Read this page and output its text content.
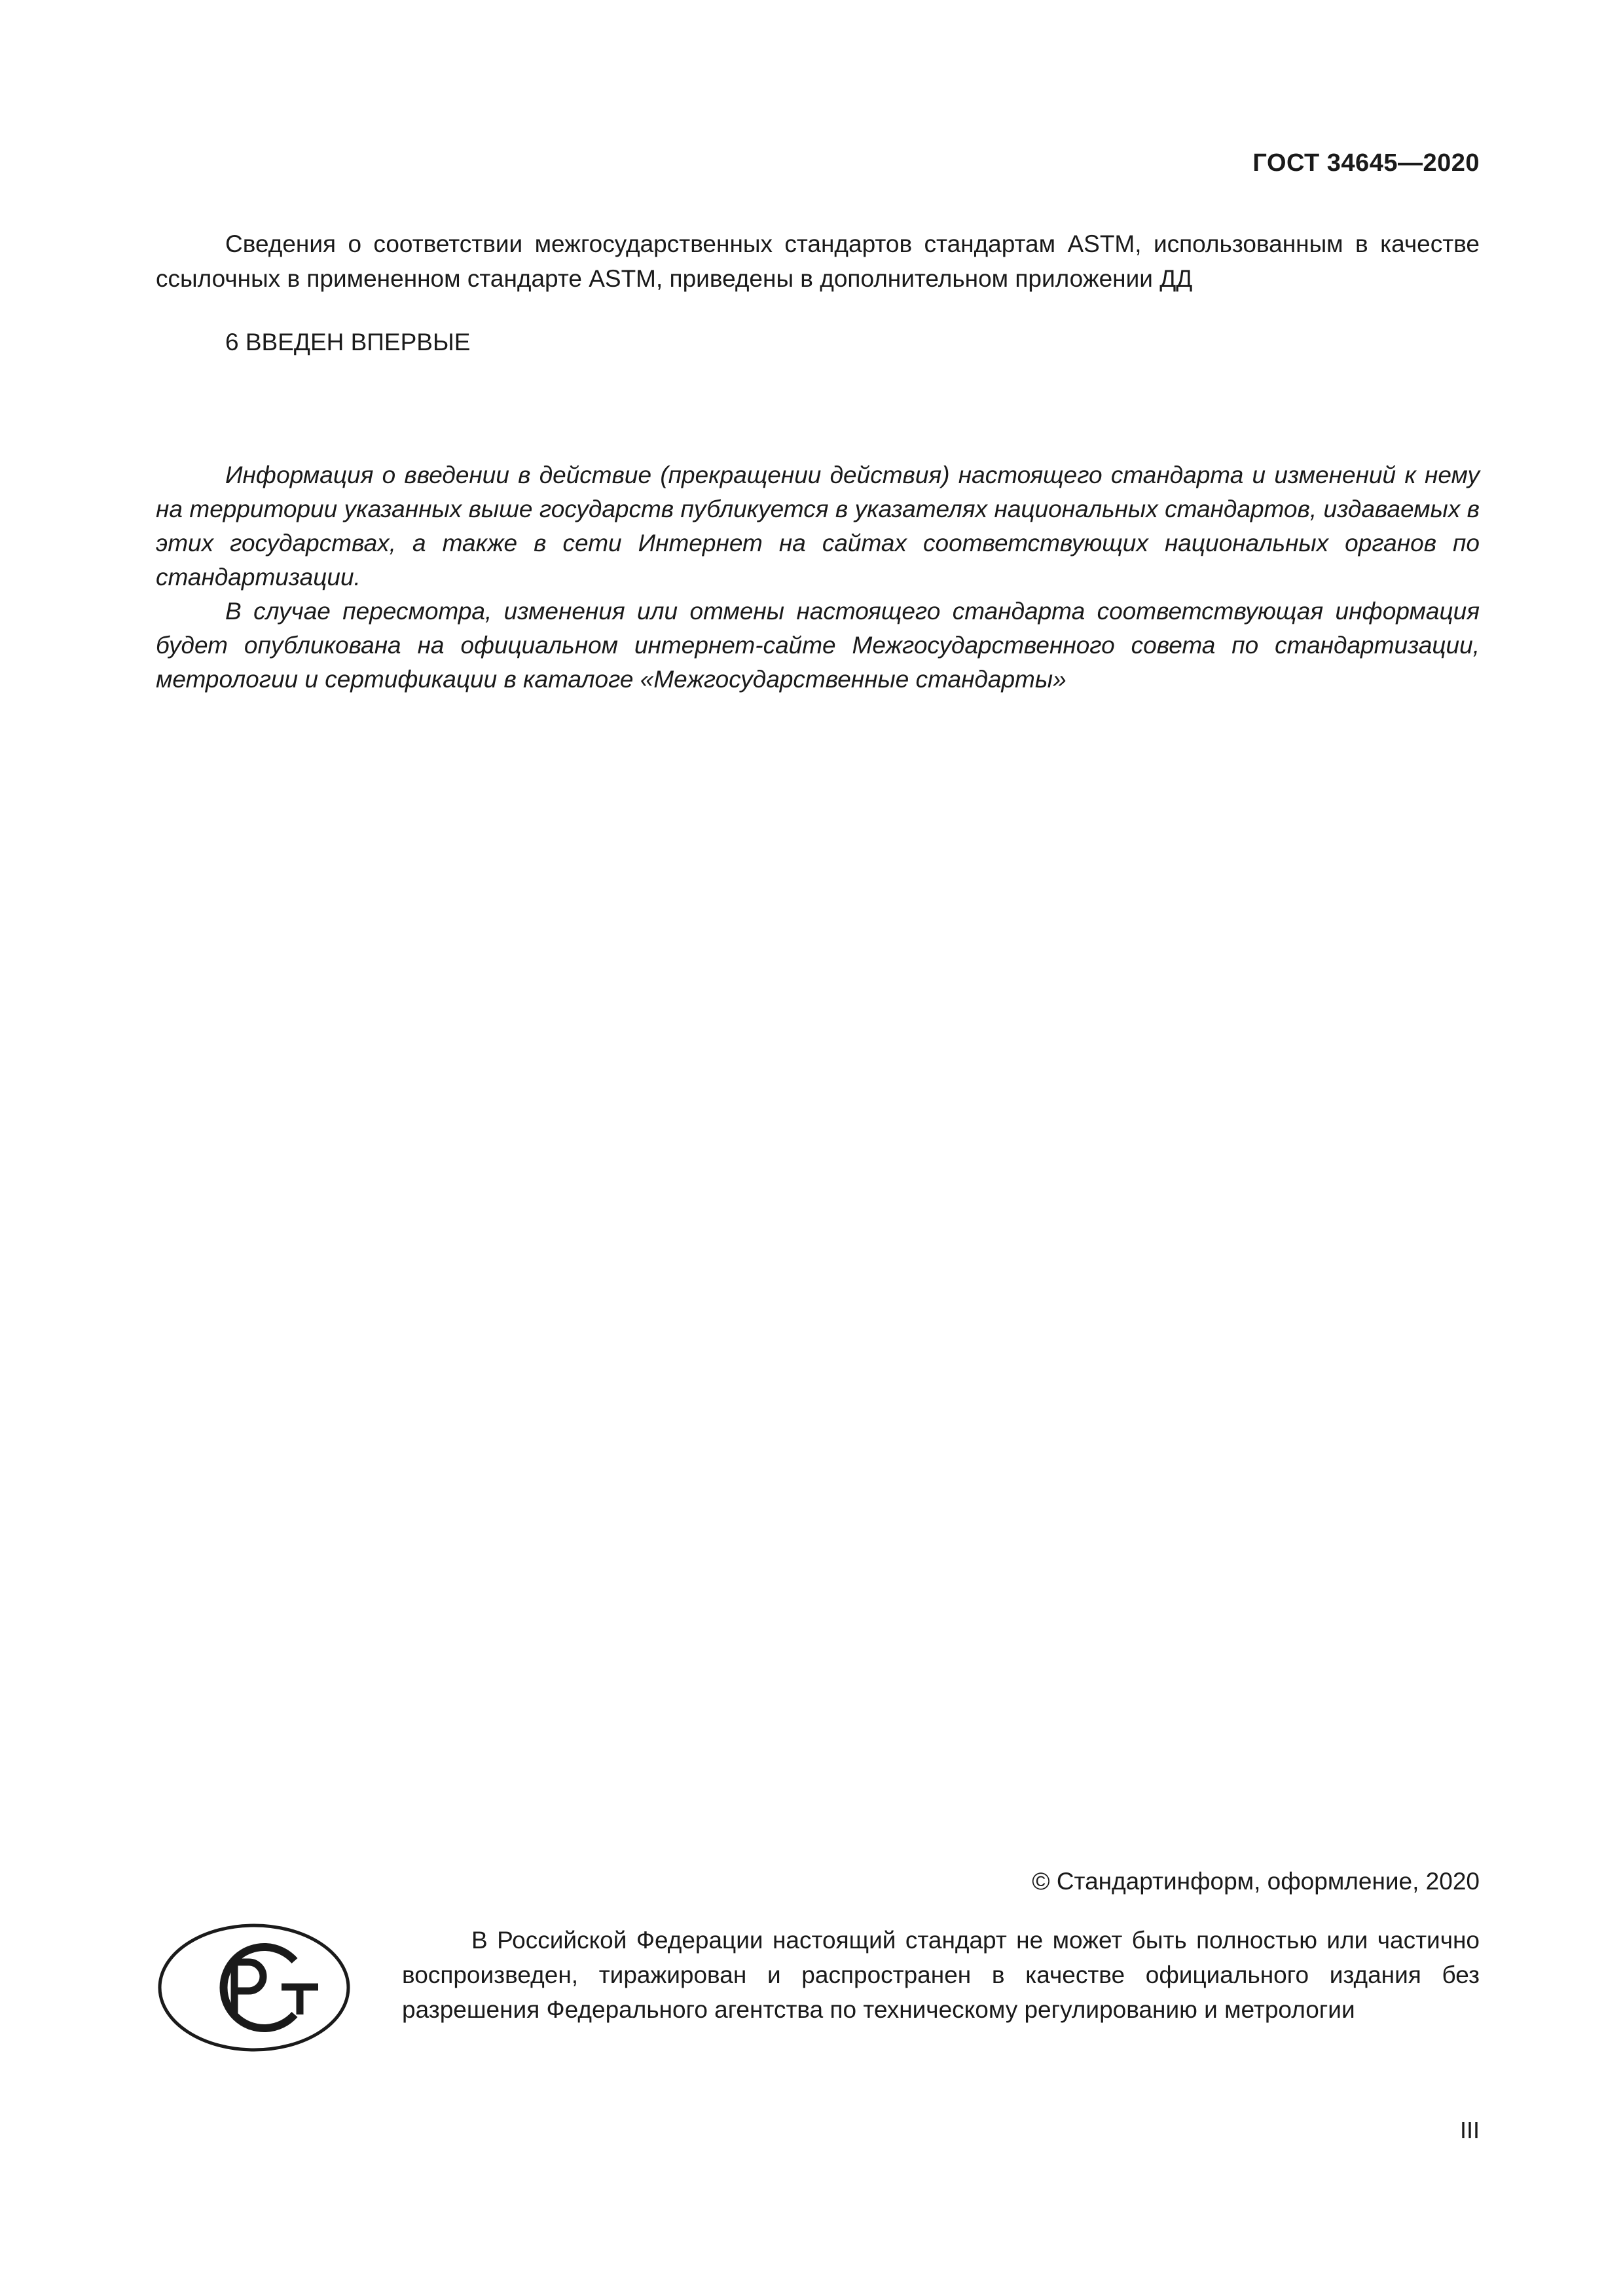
ГОСТ 34645—2020

Сведения о соответствии межгосударственных стандартов стандартам ASTM, использованным в качестве ссылочных в примененном стандарте ASTM, приведены в дополнительном приложении ДД

6 ВВЕДЕН ВПЕРВЫЕ

Информация о введении в действие (прекращении действия) настоящего стандарта и изменений к нему на территории указанных выше государств публикуется в указателях национальных стандартов, издаваемых в этих государствах, а также в сети Интернет на сайтах соответствующих национальных органов по стандартизации.

В случае пересмотра, изменения или отмены настоящего стандарта соответствующая информация будет опубликована на официальном интернет-сайте Межгосударственного совета по стандартизации, метрологии и сертификации в каталоге «Межгосударственные стандарты»

© Стандартинформ, оформление, 2020

В Российской Федерации настоящий стандарт не может быть полностью или частично воспроизведен, тиражирован и распространен в качестве официального издания без разрешения Федерального агентства по техническому регулированию и метрологии

III
